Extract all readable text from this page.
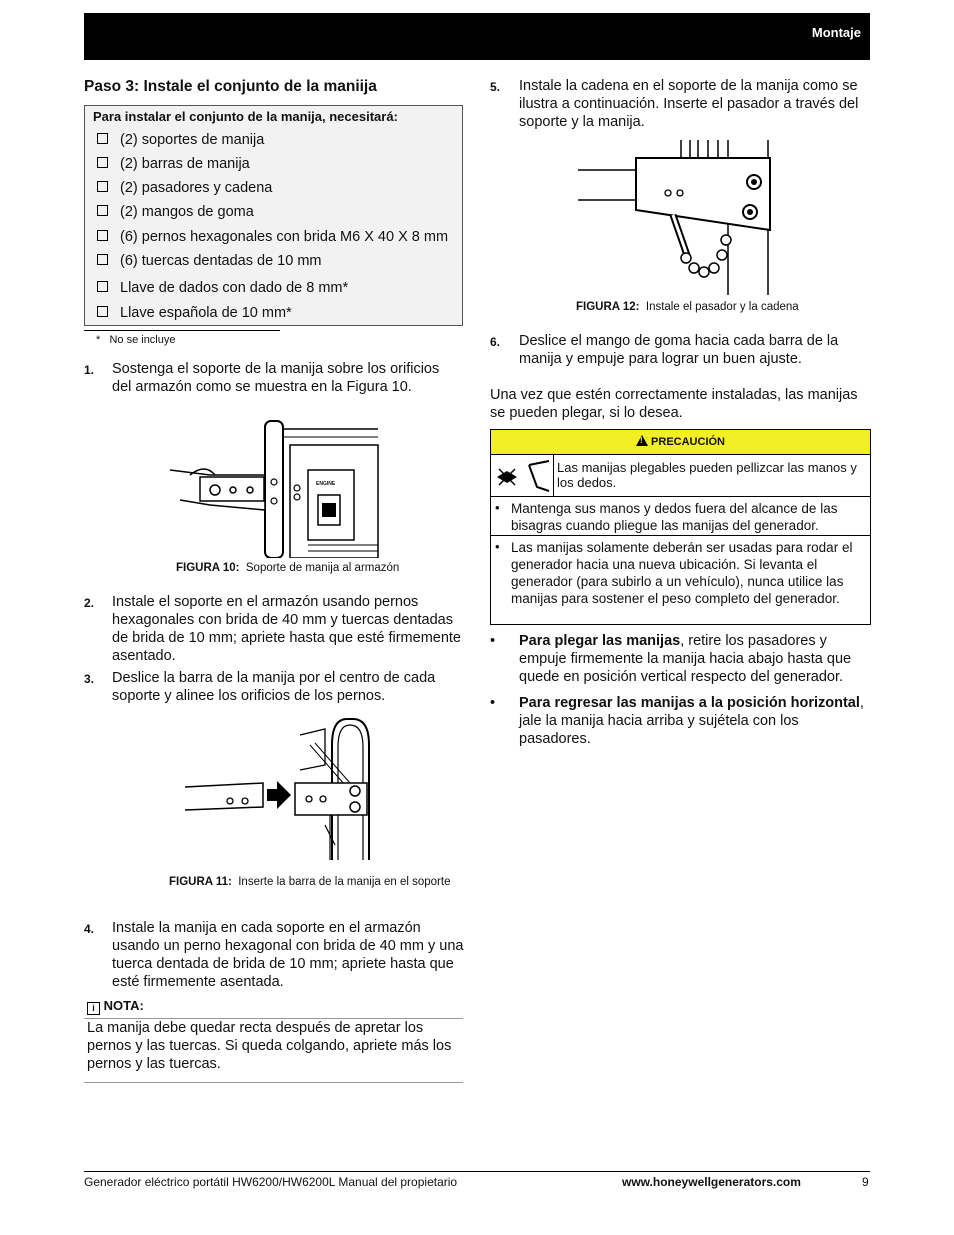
Montaje
Paso 3: Instale el conjunto de la maniija
Para instalar el conjunto de la manija, necesitará:
(2) soportes de manija
(2) barras de manija
(2) pasadores y cadena
(2) mangos de goma
(6) pernos hexagonales con brida M6 X 40 X 8 mm
(6) tuercas dentadas de 10 mm
Llave de dados con dado de 8 mm*
Llave española de 10 mm*
* No se incluye
1. Sostenga el soporte de la manija sobre los orificios del armazón como se muestra en la Figura 10.
ENGINE
FIGURA 10: Soporte de manija al armazón
2. Instale el soporte en el armazón usando pernos hexagonales con brida de 40 mm y tuercas dentadas de brida de 10 mm; apriete hasta que esté firmemente asentado.
3. Deslice la barra de la manija por el centro de cada soporte y alinee los orificios de los pernos.
FIGURA 11: Inserte la barra de la manija en el soporte
4. Instale la manija en cada soporte en el armazón usando un perno hexagonal con brida de 40 mm y una tuerca dentada de brida de 10 mm; apriete hasta que esté firmemente asentada.
i NOTA:
La manija debe quedar recta después de apretar los pernos y las tuercas. Si queda colgando, apriete más los pernos y las tuercas.
5. Instale la cadena en el soporte de la manija como se ilustra a continuación. Inserte el pasador a través del soporte y la manija.
FIGURA 12: Instale el pasador y la cadena
6. Deslice el mango de goma hacia cada barra de la manija y empuje para lograr un buen ajuste.
Una vez que estén correctamente instaladas, las manijas se pueden plegar, si lo desea.
! PRECAUCIÓN
Las manijas plegables pueden pellizcar las manos y los dedos.
• Mantenga sus manos y dedos fuera del alcance de las bisagras cuando pliegue las manijas del generador.
• Las manijas solamente deberán ser usadas para rodar el generador hacia una nueva ubicación. Si levanta el generador (para subirlo a un vehículo), nunca utilice las manijas para sostener el peso completo del generador.
• Para plegar las manijas, retire los pasadores y empuje firmemente la manija hacia abajo hasta que quede en posición vertical respecto del generador.
• Para regresar las manijas a la posición horizontal, jale la manija hacia arriba y sujétela con los pasadores.
Generador eléctrico portátil HW6200/HW6200L Manual del propietario	www.honeywellgenerators.com	9
